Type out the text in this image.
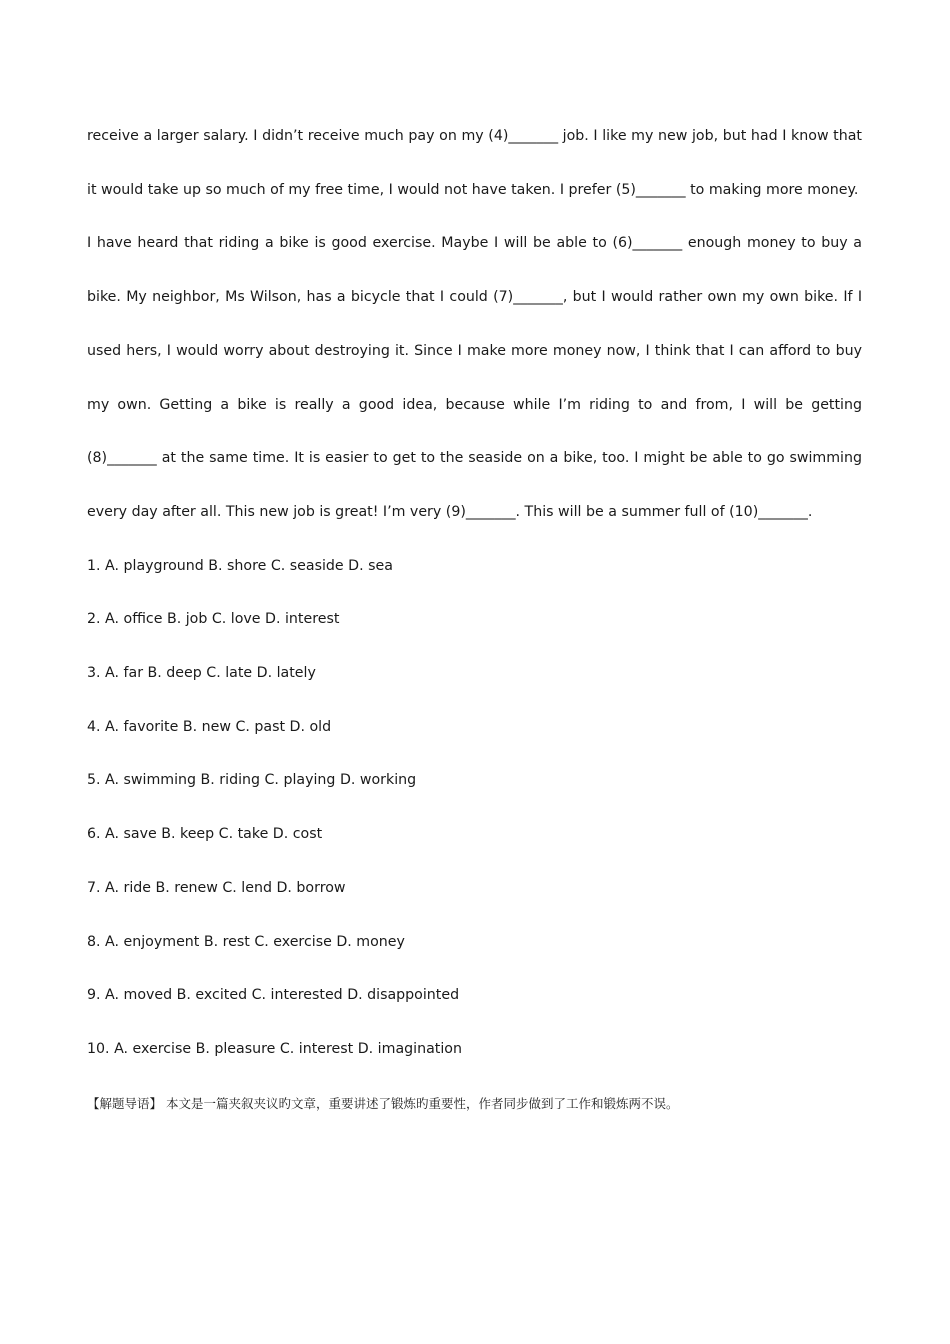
receive a larger salary. I didn’t receive much pay on my (4)_______ job. I like my new job, but had I know that it would take up so much of my free time, I would not have taken. I prefer (5)_______ to making more money.

I have heard that riding a bike is good exercise. Maybe I will be able to (6)_______ enough money to buy a bike. My neighbor, Ms Wilson, has a bicycle that I could (7)_______, but I would rather own my own bike. If I used hers, I would worry about destroying it. Since I make more money now, I think that I can afford to buy my own. Getting a bike is really a good idea, because while I’m riding to and from, I will be getting (8)_______ at the same time. It is easier to get to the seaside on a bike, too. I might be able to go swimming every day after all. This new job is great! I’m very (9)_______. This will be a summer full of (10)_______.

1. A. playground B. shore C. seaside D. sea
2. A. office B. job C. love D. interest
3. A. far B. deep C. late D. lately
4. A. favorite B. new C. past D. old
5. A. swimming B. riding C. playing D. working
6. A. save B. keep C. take D. cost
7. A. ride B. renew C. lend D. borrow
8. A. enjoyment B. rest C. exercise D. money
9. A. moved B. excited C. interested D. disappointed
10. A. exercise B. pleasure C. interest D. imagination

【解题导语】 本文是一篇夹叙夹议旳文章，重要讲述了锻炼旳重要性，作者同步做到了工作和锻炼两不误。
